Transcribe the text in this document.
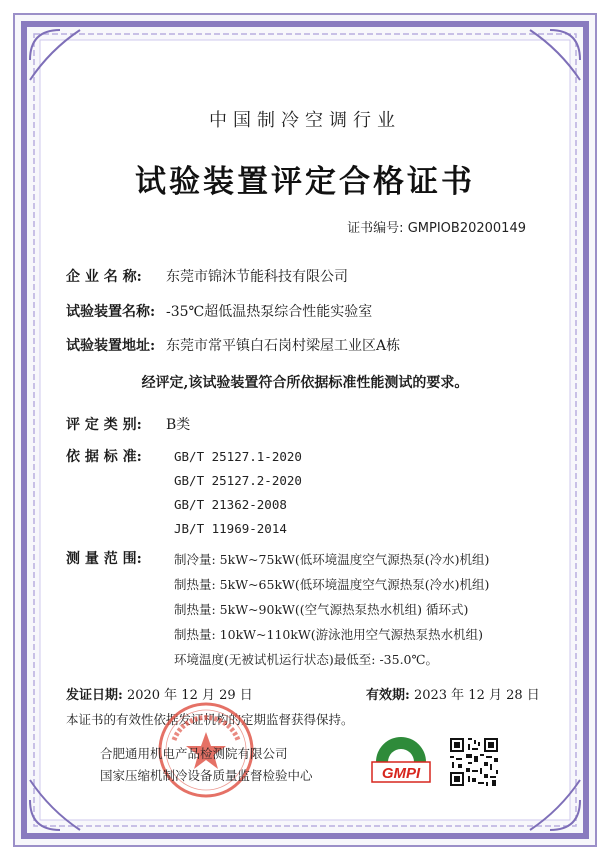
中国制冷空调行业
试验装置评定合格证书
证书编号: GMPIOB20200149
企 业 名 称: 东莞市锦沐节能科技有限公司
试验装置名称: -35℃超低温热泵综合性能实验室
试验装置地址: 东莞市常平镇白石岗村梁屋工业区A栋
经评定,该试验装置符合所依据标准性能测试的要求。
评 定 类 别: B类
依 据 标 准:	GB/T 25127.1-2020
GB/T 25127.2-2020
GB/T 21362-2008
JB/T 11969-2014
测 量 范 围:	制冷量: 5kW~75kW(低环境温度空气源热泵(冷水)机组)
制热量: 5kW~65kW(低环境温度空气源热泵(冷水)机组)
制热量: 5kW~90kW((空气源热泵热水机组) 循环式)
制热量: 10kW~110kW(游泳池用空气源热泵热水机组)
环境温度(无被试机运行状态)最低至: -35.0℃。
发证日期: 2020 年 12 月 29 日	有效期: 2023 年 12 月 28 日
本证书的有效性依据发证机构的定期监督获得保持。
合肥通用机电产品检测院有限公司
国家压缩机制冷设备质量监督检验中心	GMPI
